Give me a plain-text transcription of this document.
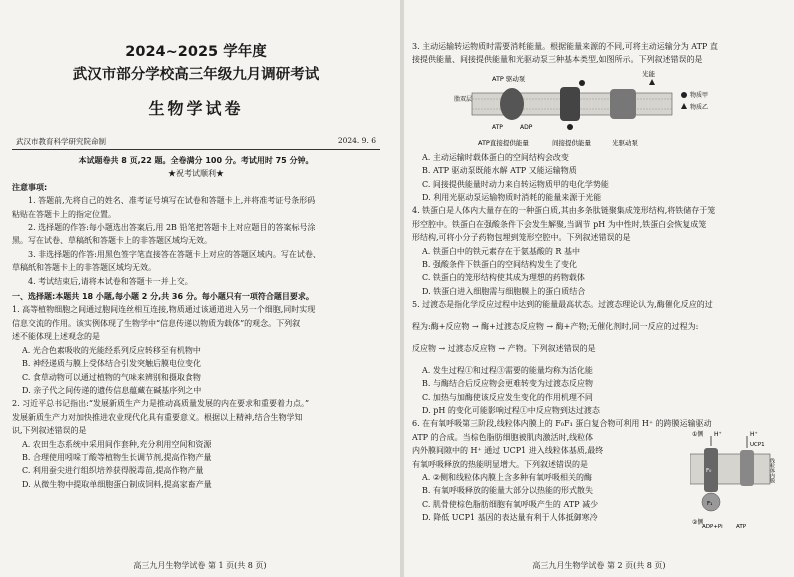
2024~2025 学年度

武汉市部分学校高三年级九月调研考试

生物学试卷

武汉市教育科学研究院命制	2024. 9. 6

本试题卷共 8 页,22 题。全卷满分 100 分。考试用时 75 分钟。

★祝考试顺利★

注意事项:

1. 答题前,先将自己的姓名、准考证号填写在试卷和答题卡上,并将准考证号条形码

粘贴在答题卡上的指定位置。

2. 选择题的作答:每小题选出答案后,用 2B 铅笔把答题卡上对应题目的答案标号涂

黑。写在试卷、草稿纸和答题卡上的非答题区域均无效。

3. 非选择题的作答:用黑色签字笔直接答在答题卡上对应的答题区域内。写在试卷、

草稿纸和答题卡上的非答题区域均无效。

4. 考试结束后,请将本试卷和答题卡一并上交。

一、选择题:本题共 18 小题,每小题 2 分,共 36 分。每小题只有一项符合题目要求。

1. 高等植物细胞之间通过胞间连丝相互连接,物质通过该通道进入另一个细胞,同时实现

信息交流的作用。该实例体现了生物学中“信息传递以物质为载体”的观念。下列叙

述不能体现上述观念的是

A. 光合色素吸收的光能经系列反应转移至有机物中

B. 神经递质与膜上受体结合引发突触后膜电位变化

C. 食草动物可以通过植物的气味来辨别和摄取食物

D. 亲子代之间传递的遗传信息蕴藏在碱基序列之中

2. 习近平总书记指出:“发展新质生产力是推动高质量发展的内在要求和重要着力点。”

发展新质生产力对加快推进农业现代化具有重要意义。根据以上精神,结合生物学知

识,下列叙述错误的是

A. 农田生态系统中采用间作套种,充分利用空间和资源

B. 合理使用吲哚丁酸等植物生长调节剂,提高作物产量

C. 利用蚕尖进行组织培养获得脱毒苗,提高作物产量

D. 从微生物中提取单细胞蛋白制成饲料,提高家畜产量

高三九月生物学试卷 第 1 页(共 8 页)

3. 主动运输转运物质时需要消耗能量。根据能量来源的不同,可将主动运输分为 ATP 直

接提供能量、间接提供能量和光驱动泵三种基本类型,如图所示。下列叙述错误的是

脂双层
ATP 驱动泵
光能
ATP	ADP
ATP直接提供能量	间接提供能量	光驱动泵
物质甲
物质乙

A. 主动运输时载体蛋白的空间结构会改变

B. ATP 驱动泵既能水解 ATP 又能运输物质

C. 间接提供能量时动力来自转运物质甲的电化学势能

D. 利用光驱动泵运输物质时消耗的能量来源于光能

4. 铁蛋白是人体内大量存在的一种蛋白质,其由多条肽链聚集成笼形结构,将铁储存于笼

形空腔中。铁蛋白在强酸条件下会发生解聚,当调节 pH 为中性时,铁蛋白会恢复成笼

形结构,可将小分子药物包埋到笼形空腔中。下列叙述错误的是

A. 铁蛋白中的铁元素存在于氨基酸的 R 基中

B. 强酸条件下铁蛋白的空间结构发生了变化

C. 铁蛋白的笼形结构使其成为理想的药物载体

D. 铁蛋白进入细胞需与细胞膜上的蛋白质结合

5. 过渡态是指化学反应过程中达到的能量最高状态。过渡态理论认为,酶催化反应的过

程为:酶+反应物 → 酶+过渡态反应物 → 酶+产物;无催化剂时,同一反应的过程为:

反应物 → 过渡态反应物 → 产物。下列叙述错误的是

A. 发生过程①和过程③需要的能量均称为活化能

B. 与酶结合后反应物会更难转变为过渡态反应物

C. 加热与加酶使该反应发生变化的作用机理不同

D. pH 的变化可能影响过程①中反应物到达过渡态

6. 在有氧呼吸第三阶段,线粒体内膜上的 F₀F₁ 蛋白复合物可利用 H⁺ 的跨膜运输驱动

ATP 的合成。当棕色脂肪细胞被肌肉激活时,线粒体

内外膜间隙中的 H⁺ 通过 UCP1 进入线粒体基质,最终

有氧呼吸释放的热能明显增大。下列叙述错误的是

A. ②侧和线粒体内膜上含多种有氧呼吸相关的酶

B. 有氧呼吸释放的能量大部分以热能的形式散失

C. 肌骨使棕色脂肪细胞有氧呼吸产生的 ATP 减少

D. 降低 UCP1 基因的表达量有利于人体抵御寒冷

①侧
②侧
H⁺	H⁺
UCP1
线粒体内膜
F₀
F₁
ADP+Pi ATP
高三九月生物学试卷 第 2 页(共 8 页)
